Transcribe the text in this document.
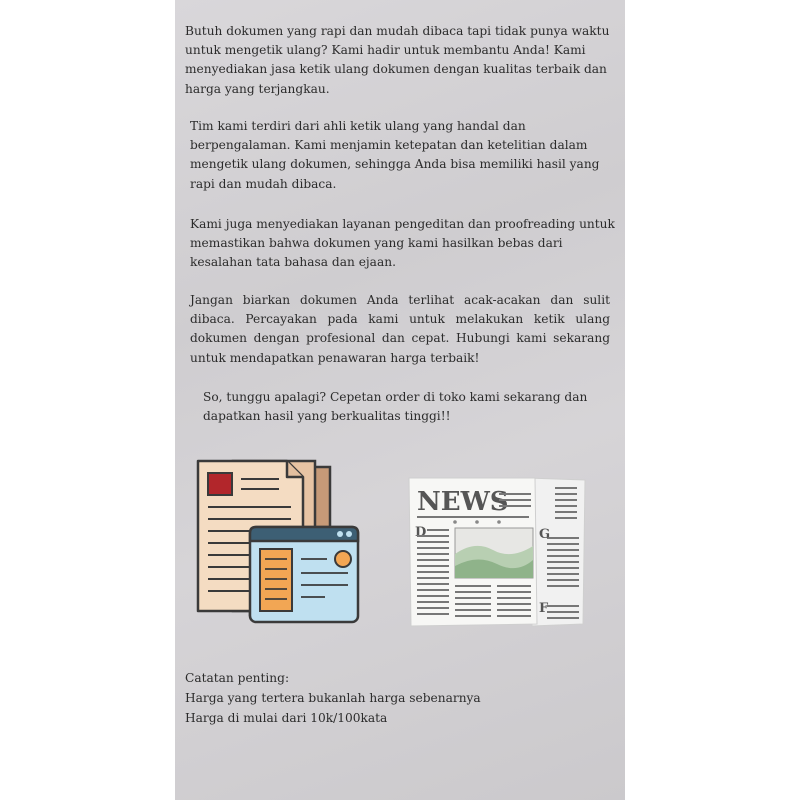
Butuh dokumen yang rapi dan mudah dibaca tapi tidak punya waktu untuk mengetik ulang? Kami hadir untuk membantu Anda! Kami menyediakan jasa ketik ulang dokumen dengan kualitas terbaik dan harga yang terjangkau.
Tim kami terdiri dari ahli ketik ulang yang handal dan berpengalaman. Kami menjamin ketepatan dan ketelitian dalam mengetik ulang dokumen, sehingga Anda bisa memiliki hasil yang rapi dan mudah dibaca.
Kami juga menyediakan layanan pengeditan dan proofreading untuk memastikan bahwa dokumen yang kami hasilkan bebas dari kesalahan tata bahasa dan ejaan.
Jangan biarkan dokumen Anda terlihat acak-acakan dan sulit dibaca. Percayakan pada kami untuk melakukan ketik ulang dokumen dengan profesional dan cepat. Hubungi kami sekarang untuk mendapatkan penawaran harga terbaik!
So, tunggu apalagi? Cepetan order di toko kami sekarang dan dapatkan hasil yang berkualitas tinggi!!
NEWS
D	G
F
Catatan penting:
Harga yang tertera bukanlah harga sebenarnya
Harga di mulai dari 10k/100kata
